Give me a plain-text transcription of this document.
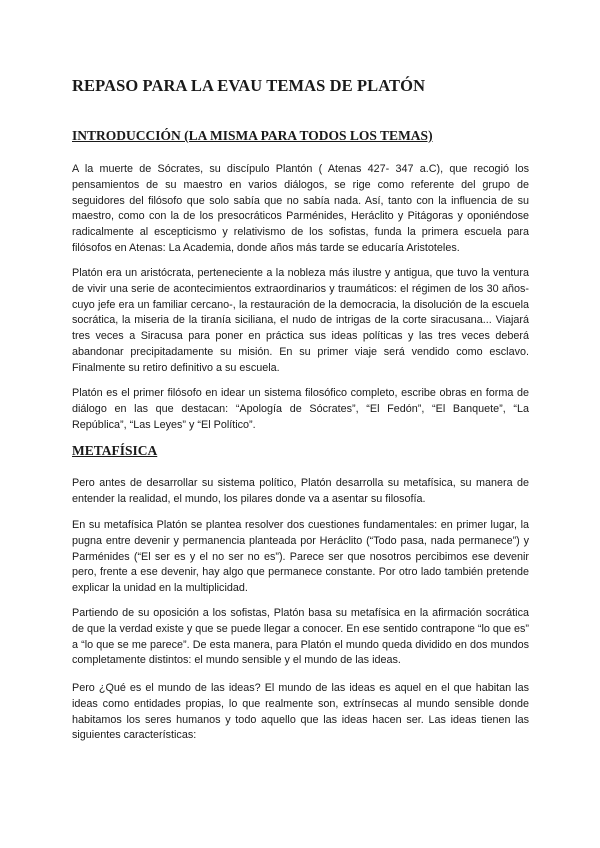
REPASO PARA LA EVAU TEMAS DE PLATÓN
INTRODUCCIÓN (LA MISMA PARA TODOS LOS TEMAS)

A la muerte de Sócrates, su discípulo Plantón ( Atenas 427- 347 a.C), que recogió los pensamientos de su maestro en varios diálogos, se rige como referente del grupo de seguidores del filósofo que solo sabía que no sabía nada. Así, tanto con la influencia de su maestro, como con la de los presocráticos Parménides, Heráclito y Pitágoras y oponiéndose radicalmente al escepticismo y relativismo de los sofistas, funda la primera escuela para filósofos en Atenas: La Academia, donde años más tarde se educaría Aristoteles.

Platón era un aristócrata, perteneciente a la nobleza más ilustre y antigua, que tuvo la ventura de vivir una serie de acontecimientos extraordinarios y traumáticos: el régimen de los 30 años-cuyo jefe era un familiar cercano-, la restauración de la democracia, la disolución de la escuela socrática, la miseria de la tiranía siciliana, el nudo de intrigas de la corte siracusana... Viajará tres veces a Siracusa para poner en práctica sus ideas políticas y las tres veces deberá abandonar precipitadamente su misión. En su primer viaje será vendido como esclavo. Finalmente su retiro definitivo a su escuela.

Platón es el primer filósofo en idear un sistema filosófico completo, escribe obras en forma de diálogo en las que destacan: “Apología de Sócrates”, “El Fedón”, “El Banquete”, “La República”, “Las Leyes” y “El Político”.

METAFÍSICA

Pero antes de desarrollar su sistema político, Platón desarrolla su metafísica, su manera de entender la realidad, el mundo, los pilares donde va a asentar su filosofía.

En su metafísica Platón se plantea resolver dos cuestiones fundamentales: en primer lugar, la pugna entre devenir y permanencia planteada por Heráclito (“Todo pasa, nada permanece”) y Parménides (“El ser es y el no ser no es”). Parece ser que nosotros percibimos ese devenir pero, frente a ese devenir, hay algo que permanece constante. Por otro lado también pretende explicar la unidad en la multiplicidad.

Partiendo de su oposición a los sofistas, Platón basa su metafísica en la afirmación socrática de que la verdad existe y que se puede llegar a conocer. En ese sentido contrapone “lo que es” a “lo que se me parece”. De esta manera, para Platón el mundo queda dividido en dos mundos completamente distintos: el mundo sensible y el mundo de las ideas.

Pero ¿Qué es el mundo de las ideas? El mundo de las ideas es aquel en el que habitan las ideas como entidades propias, lo que realmente son, extrínsecas al mundo sensible donde habitamos los seres humanos y todo aquello que las ideas hacen ser. Las ideas tienen las siguientes características:
